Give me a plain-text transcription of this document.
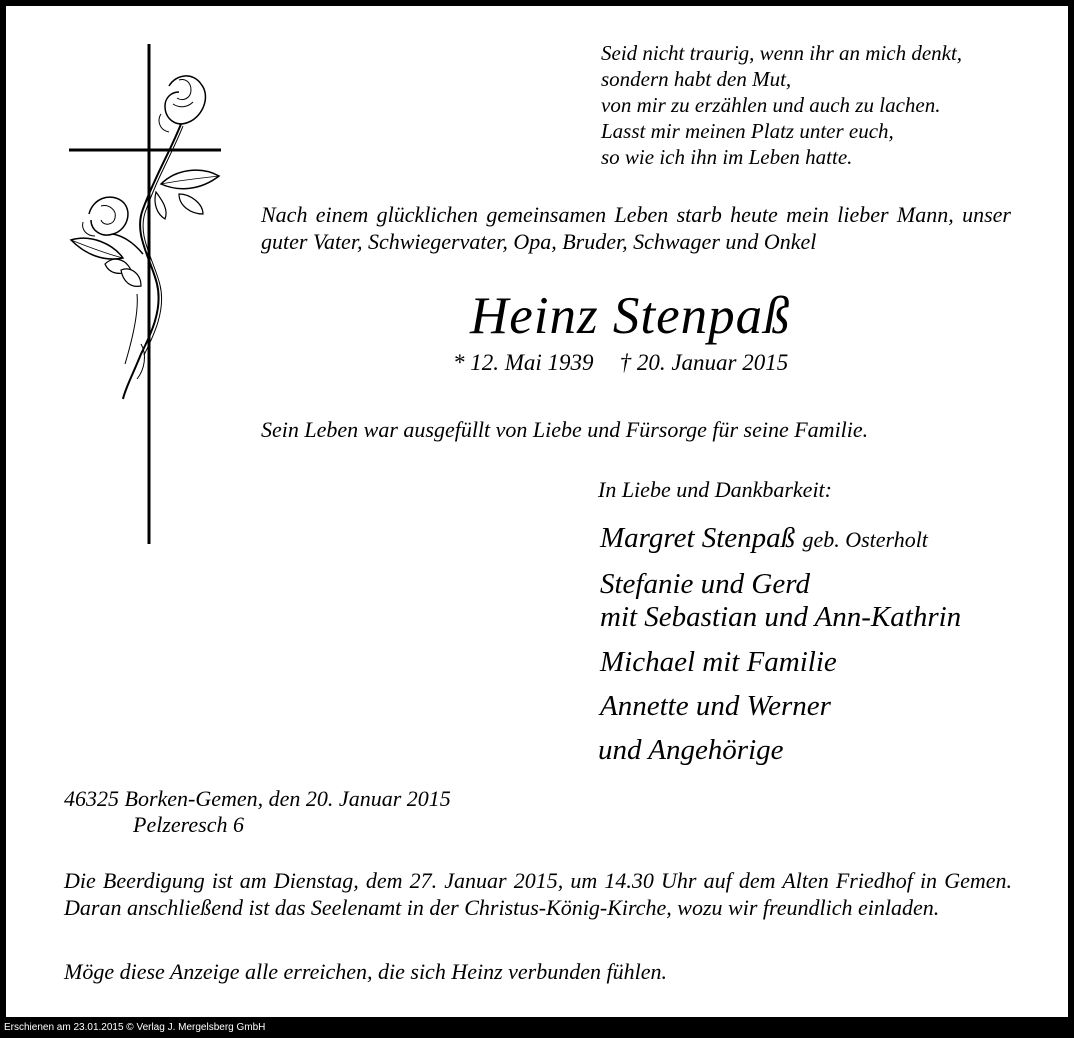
Seid nicht traurig, wenn ihr an mich denkt,
sondern habt den Mut,
von mir zu erzählen und auch zu lachen.
Lasst mir meinen Platz unter euch,
so wie ich ihn im Leben hatte.

Nach einem glücklichen gemeinsamen Leben starb heute mein lieber Mann, unser guter Vater, Schwiegervater, Opa, Bruder, Schwager und Onkel

Heinz Stenpaß
* 12. Mai 1939 † 20. Januar 2015
Sein Leben war ausgefüllt von Liebe und Fürsorge für seine Familie.
In Liebe und Dankbarkeit:
Margret Stenpaß geb. Osterholt
Stefanie und Gerd
mit Sebastian und Ann-Kathrin
Michael mit Familie
Annette und Werner
und Angehörige
46325 Borken-Gemen, den 20. Januar 2015
Pelzeresch 6

Die Beerdigung ist am Dienstag, dem 27. Januar 2015, um 14.30 Uhr auf dem Alten Friedhof in Gemen. Daran anschließend ist das Seelenamt in der Christus-König-Kirche, wozu wir freundlich einladen.

Möge diese Anzeige alle erreichen, die sich Heinz verbunden fühlen.
Erschienen am 23.01.2015 © Verlag J. Mergelsberg GmbH
